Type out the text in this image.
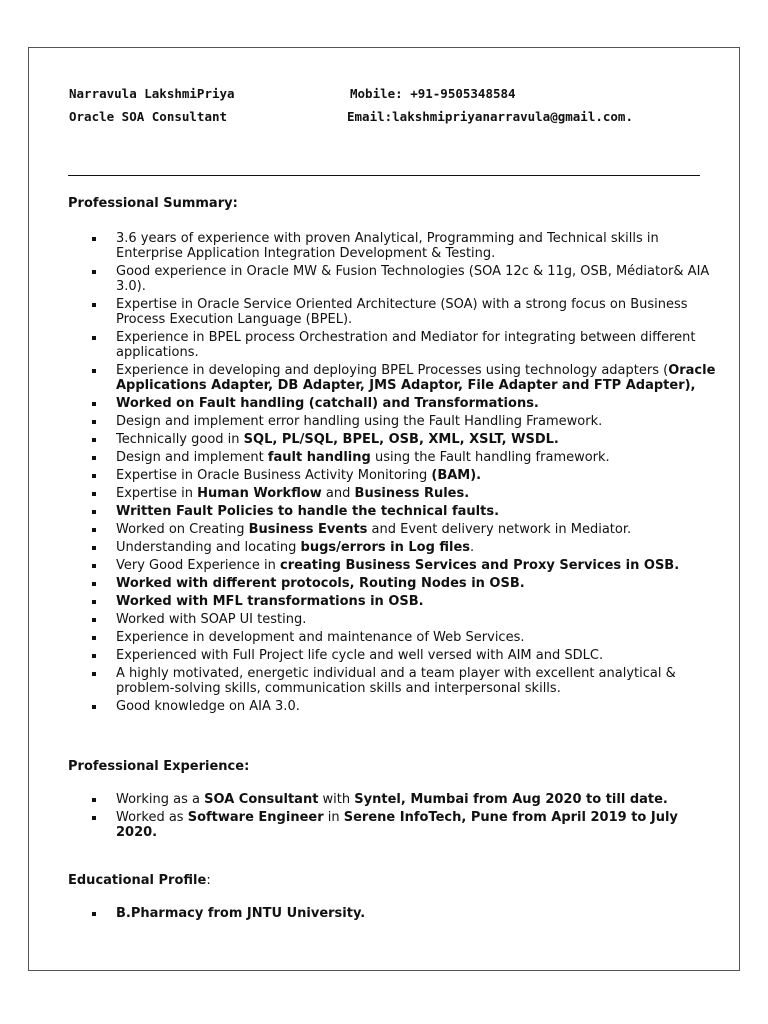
Narravula LakshmiPriya
Oracle SOA Consultant
Mobile: +91-9505348584
Email:lakshmipriyanarravula@gmail.com.
Professional Summary:
3.6 years of experience with proven Analytical, Programming and Technical skills in Enterprise Application Integration Development & Testing.
Good experience in Oracle MW & Fusion Technologies (SOA 12c & 11g, OSB, Médiator& AIA 3.0).
Expertise in Oracle Service Oriented Architecture (SOA) with a strong focus on Business Process Execution Language (BPEL).
Experience in BPEL process Orchestration and Mediator for integrating between different applications.
Experience in developing and deploying BPEL Processes using technology adapters (Oracle Applications Adapter, DB Adapter, JMS Adaptor, File Adapter and FTP Adapter),
Worked on Fault handling (catchall) and Transformations.
Design and implement error handling using the Fault Handling Framework.
Technically good in SQL, PL/SQL, BPEL, OSB, XML, XSLT, WSDL.
Design and implement fault handling using the Fault handling framework.
Expertise in Oracle Business Activity Monitoring (BAM).
Expertise in Human Workflow and Business Rules.
Written Fault Policies to handle the technical faults.
Worked on Creating Business Events and Event delivery network in Mediator.
Understanding and locating bugs/errors in Log files.
Very Good Experience in creating Business Services and Proxy Services in OSB.
Worked with different protocols, Routing Nodes in OSB.
Worked with MFL transformations in OSB.
Worked with SOAP UI testing.
Experience in development and maintenance of Web Services.
Experienced with Full Project life cycle and well versed with AIM and SDLC.
A highly motivated, energetic individual and a team player with excellent analytical & problem-solving skills, communication skills and interpersonal skills.
Good knowledge on AIA 3.0.
Professional Experience:
Working as a SOA Consultant with Syntel, Mumbai from Aug 2020 to till date.
Worked as Software Engineer in Serene InfoTech, Pune from April 2019 to July 2020.
Educational Profile:
B.Pharmacy from JNTU University.
